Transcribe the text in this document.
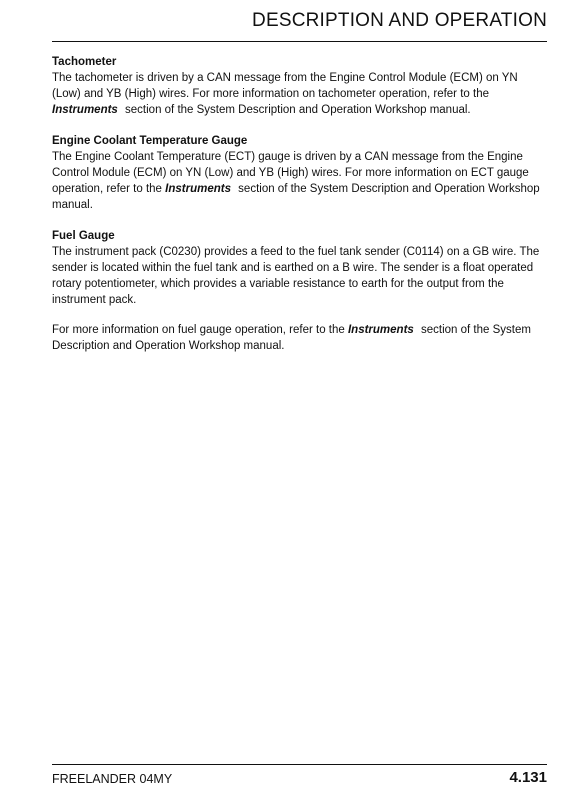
DESCRIPTION AND OPERATION

Tachometer

The tachometer is driven by a CAN message from the Engine Control Module (ECM) on YN (Low) and YB (High) wires. For more information on tachometer operation, refer to the Instruments section of the System Description and Operation Workshop manual.

Engine Coolant Temperature Gauge

The Engine Coolant Temperature (ECT) gauge is driven by a CAN message from the Engine Control Module (ECM) on YN (Low) and YB (High) wires. For more information on ECT gauge operation, refer to the Instruments section of the System Description and Operation Workshop manual.

Fuel Gauge

The instrument pack (C0230) provides a feed to the fuel tank sender (C0114) on a GB wire. The sender is located within the fuel tank and is earthed on a B wire. The sender is a float operated rotary potentiometer, which provides a variable resistance to earth for the output from the instrument pack.

For more information on fuel gauge operation, refer to the Instruments section of the System Description and Operation Workshop manual.

FREELANDER 04MY	4.131
